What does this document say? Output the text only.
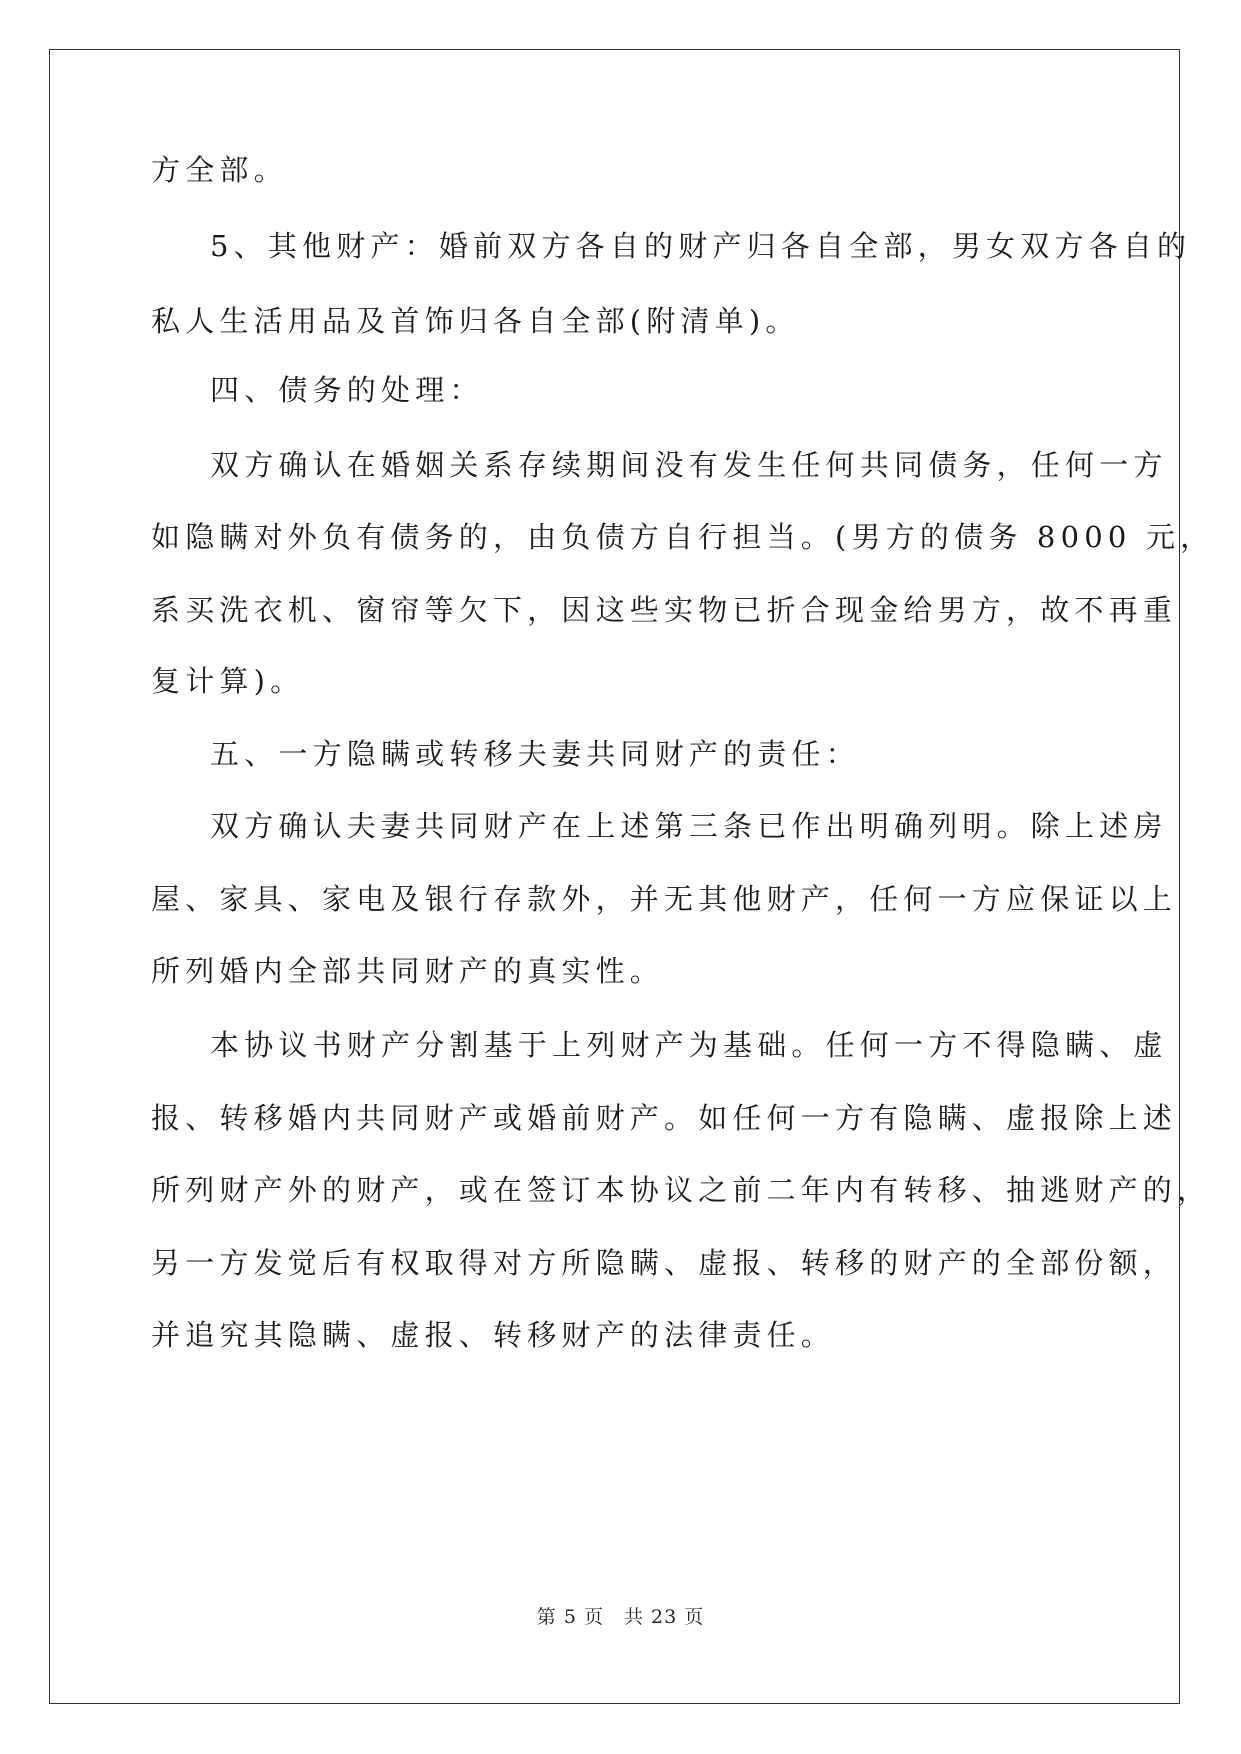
方全部。
5、其他财产：婚前双方各自的财产归各自全部，男女双方各自的
私人生活用品及首饰归各自全部(附清单)。
四、债务的处理：
双方确认在婚姻关系存续期间没有发生任何共同债务，任何一方
如隐瞒对外负有债务的，由负债方自行担当。(男方的债务 8000 元，
系买洗衣机、窗帘等欠下，因这些实物已折合现金给男方，故不再重
复计算)。
五、一方隐瞒或转移夫妻共同财产的责任：
双方确认夫妻共同财产在上述第三条已作出明确列明。除上述房
屋、家具、家电及银行存款外，并无其他财产，任何一方应保证以上
所列婚内全部共同财产的真实性。
本协议书财产分割基于上列财产为基础。任何一方不得隐瞒、虚
报、转移婚内共同财产或婚前财产。如任何一方有隐瞒、虚报除上述
所列财产外的财产，或在签订本协议之前二年内有转移、抽逃财产的，
另一方发觉后有权取得对方所隐瞒、虚报、转移的财产的全部份额，
并追究其隐瞒、虚报、转移财产的法律责任。
第 5 页　共 23 页
